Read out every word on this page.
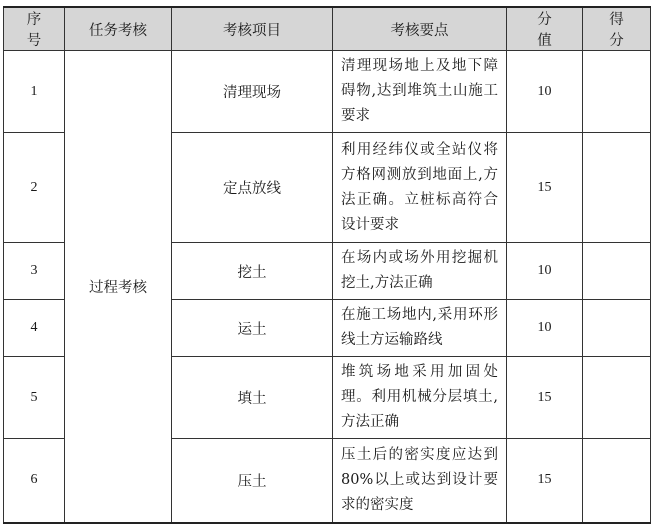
序号	任务考核	考核项目	考核要点	分值	得分
1	过程考核	清理现场	清理现场地上及地下障碍物,达到堆筑土山施工要求	10	
2		定点放线	利用经纬仪或全站仪将方格网测放到地面上,方法正确。立桩标高符合设计要求	15	
3		挖土	在场内或场外用挖掘机挖土,方法正确	10	
4		运土	在施工场地内,采用环形线土方运输路线	10	
5		填土	堆筑场地采用加固处理。利用机械分层填土,方法正确	15	
6		压土	压土后的密实度应达到80%以上或达到设计要求的密实度	15	
